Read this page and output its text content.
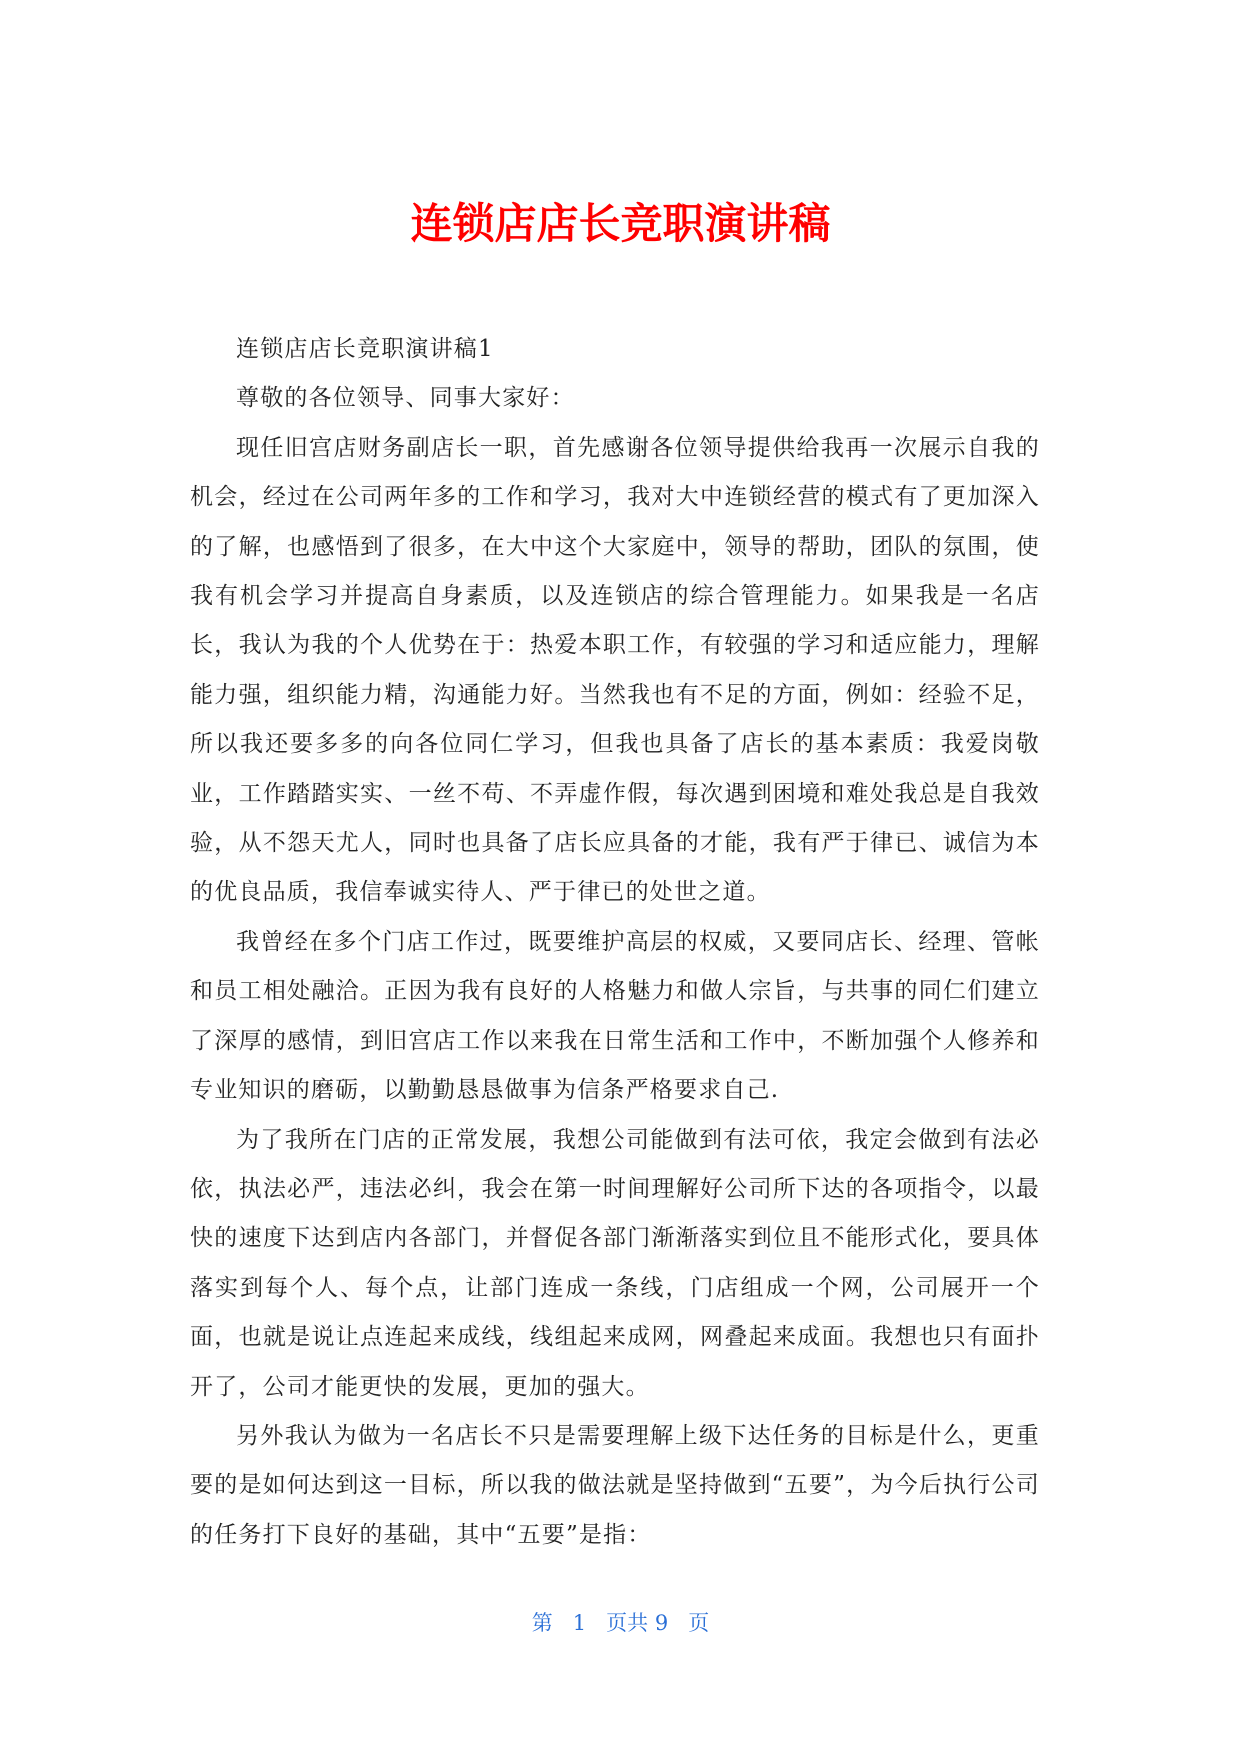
连锁店店长竞职演讲稿

连锁店店长竞职演讲稿1

尊敬的各位领导、同事大家好：

现任旧宫店财务副店长一职，首先感谢各位领导提供给我再一次展示自我的机会，经过在公司两年多的工作和学习，我对大中连锁经营的模式有了更加深入的了解，也感悟到了很多，在大中这个大家庭中，领导的帮助，团队的氛围，使我有机会学习并提高自身素质，以及连锁店的综合管理能力。如果我是一名店长，我认为我的个人优势在于：热爱本职工作，有较强的学习和适应能力，理解能力强，组织能力精，沟通能力好。当然我也有不足的方面，例如：经验不足，所以我还要多多的向各位同仁学习，但我也具备了店长的基本素质：我爱岗敬业，工作踏踏实实、一丝不苟、不弄虚作假，每次遇到困境和难处我总是自我效验，从不怨天尤人，同时也具备了店长应具备的才能，我有严于律已、诚信为本的优良品质，我信奉诚实待人、严于律已的处世之道。

我曾经在多个门店工作过，既要维护高层的权威，又要同店长、经理、管帐和员工相处融洽。正因为我有良好的人格魅力和做人宗旨，与共事的同仁们建立了深厚的感情，到旧宫店工作以来我在日常生活和工作中，不断加强个人修养和专业知识的磨砺，以勤勤恳恳做事为信条严格要求自己.

为了我所在门店的正常发展，我想公司能做到有法可依，我定会做到有法必依，执法必严，违法必纠，我会在第一时间理解好公司所下达的各项指令，以最快的速度下达到店内各部门，并督促各部门渐渐落实到位且不能形式化，要具体落实到每个人、每个点，让部门连成一条线，门店组成一个网，公司展开一个面，也就是说让点连起来成线，线组起来成网，网叠起来成面。我想也只有面扑开了，公司才能更快的发展，更加的强大。

另外我认为做为一名店长不只是需要理解上级下达任务的目标是什么，更重要的是如何达到这一目标，所以我的做法就是坚持做到“五要”，为今后执行公司的任务打下良好的基础，其中“五要”是指：

第 1 页共 9 页
